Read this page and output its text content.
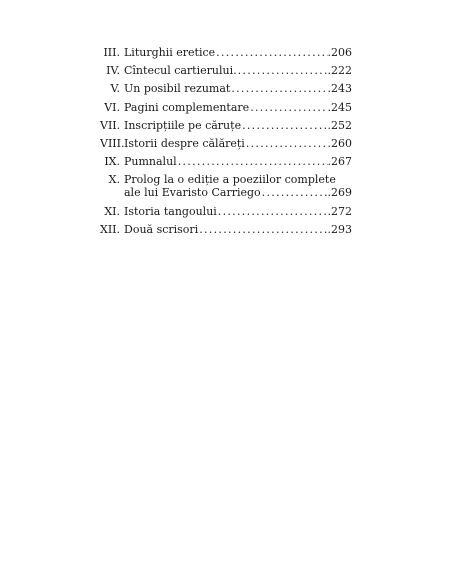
III. Liturghii eretice .....	.206
IV. Cîntecul cartierului. .....	.222
V. Un posibil rezumat .....	.243
VI. Pagini complementare .....	.245
VII. Inscripțiile pe căruțe .....	.252
VIII. Istorii despre călăreți .....	.260
IX. Pumnalul .....	.267
X. Prolog la o ediție a poeziilor complete
ale lui Evaristo Carriego .....	.269
XI. Istoria tangoului .....	.272
XII. Două scrisori .....	.293
